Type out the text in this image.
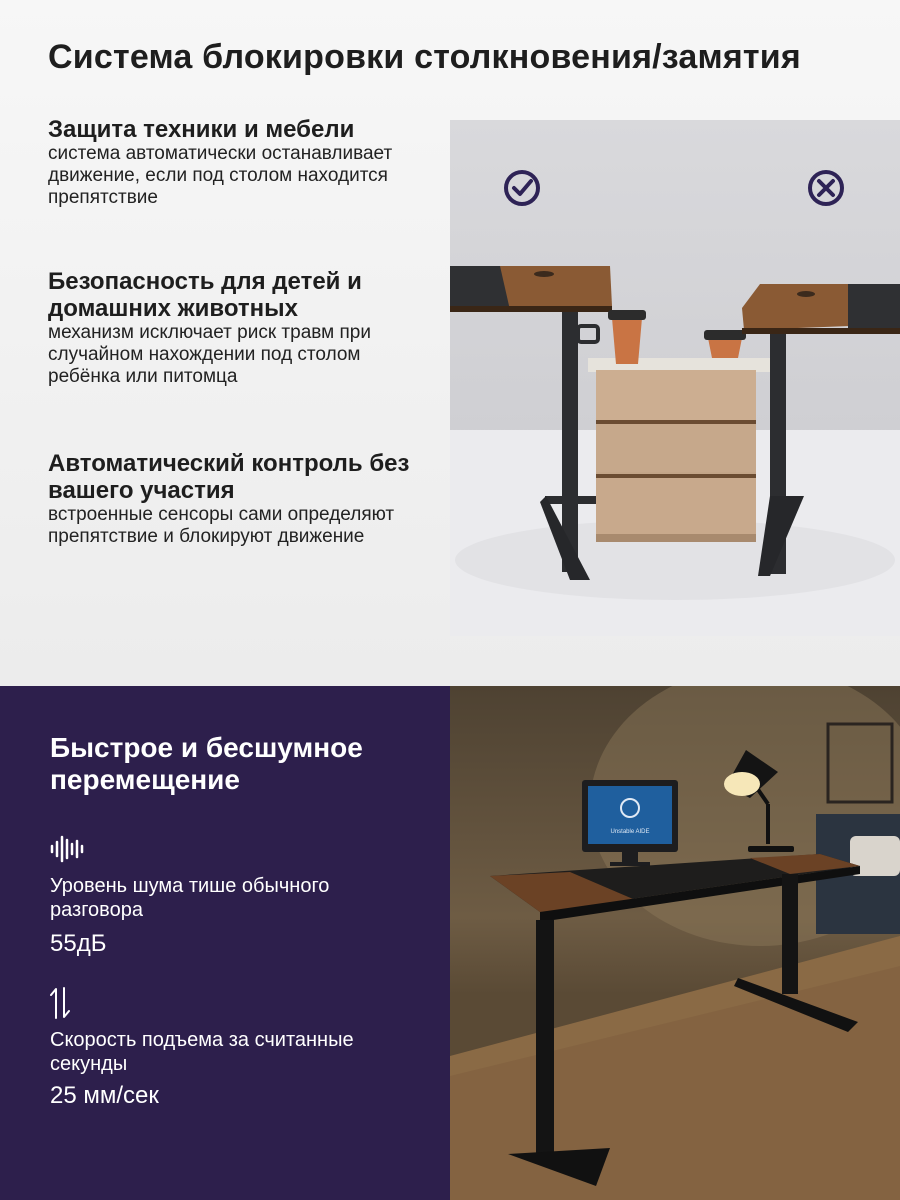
Система блокировки столкновения/замятия
Защита техники и мебели

система автоматически останавливает движение, если под столом находится препятствие

Безопасность для детей и домашних животных

механизм исключает риск травм при случайном нахождении под столом ребёнка или питомца

Автоматический контроль без вашего участия

встроенные сенсоры сами определяют препятствие и блокируют движение

Быстрое и бесшумное перемещение
Уровень шума тише обычного разговора
55дБ
Скорость подъема за считанные секунды
25 мм/сек
Unstable AIDE
